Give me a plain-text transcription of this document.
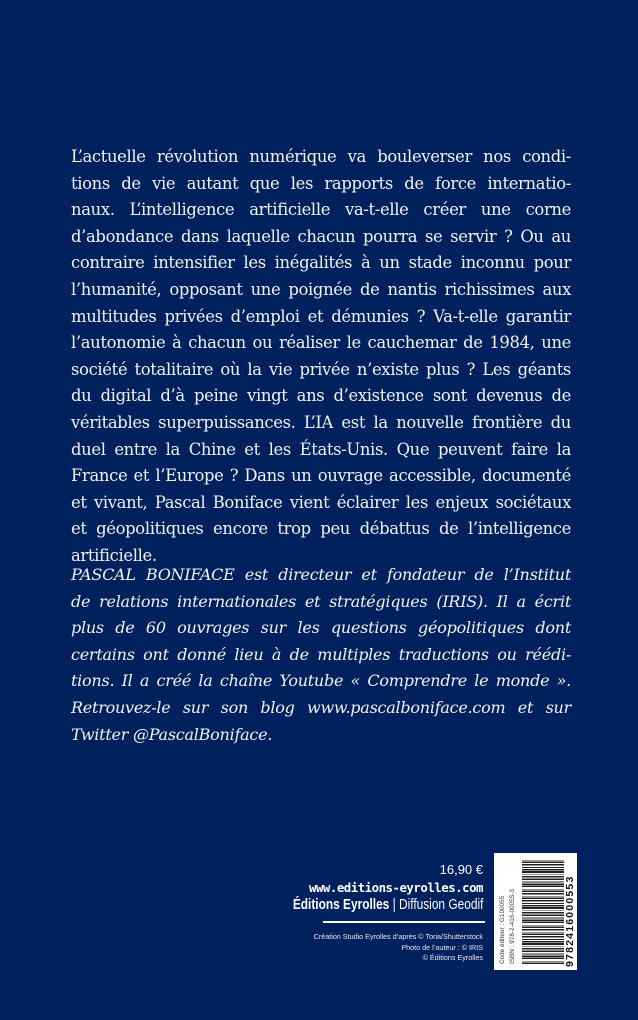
L’actuelle révolution numérique va bouleverser nos condi-
tions de vie autant que les rapports de force internatio-
naux. L’intelligence artificielle va-t-elle créer une corne
d’abondance dans laquelle chacun pourra se servir ? Ou au
contraire intensifier les inégalités à un stade inconnu pour
l’humanité, opposant une poignée de nantis richissimes aux
multitudes privées d’emploi et démunies ? Va-t-elle garantir
l’autonomie à chacun ou réaliser le cauchemar de 1984, une
société totalitaire où la vie privée n’existe plus ? Les géants
du digital d’à peine vingt ans d’existence sont devenus de
véritables superpuissances. L’IA est la nouvelle frontière du
duel entre la Chine et les États-Unis. Que peuvent faire la
France et l’Europe ? Dans un ouvrage accessible, documenté
et vivant, Pascal Boniface vient éclairer les enjeux sociétaux
et géopolitiques encore trop peu débattus de l’intelligence
artificielle.
PASCAL BONIFACE est directeur et fondateur de l’Institut
de relations internationales et stratégiques (IRIS). Il a écrit
plus de 60 ouvrages sur les questions géopolitiques dont
certains ont donné lieu à de multiples traductions ou réédi-
tions. Il a créé la chaîne Youtube « Comprendre le monde ».
Retrouvez-le sur son blog www.pascalboniface.com et sur
Twitter @PascalBoniface.
16,90 €
www.editions-eyrolles.com
Éditions Eyrolles | Diffusion Geodif
Création Studio Eyrolles d’après © Toria/Shutterstock
Photo de l’auteur : © IRIS
© Éditions Eyrolles	Code éditeur : G100055 ISBN : 978-2-416-00055-3	9782416000553
